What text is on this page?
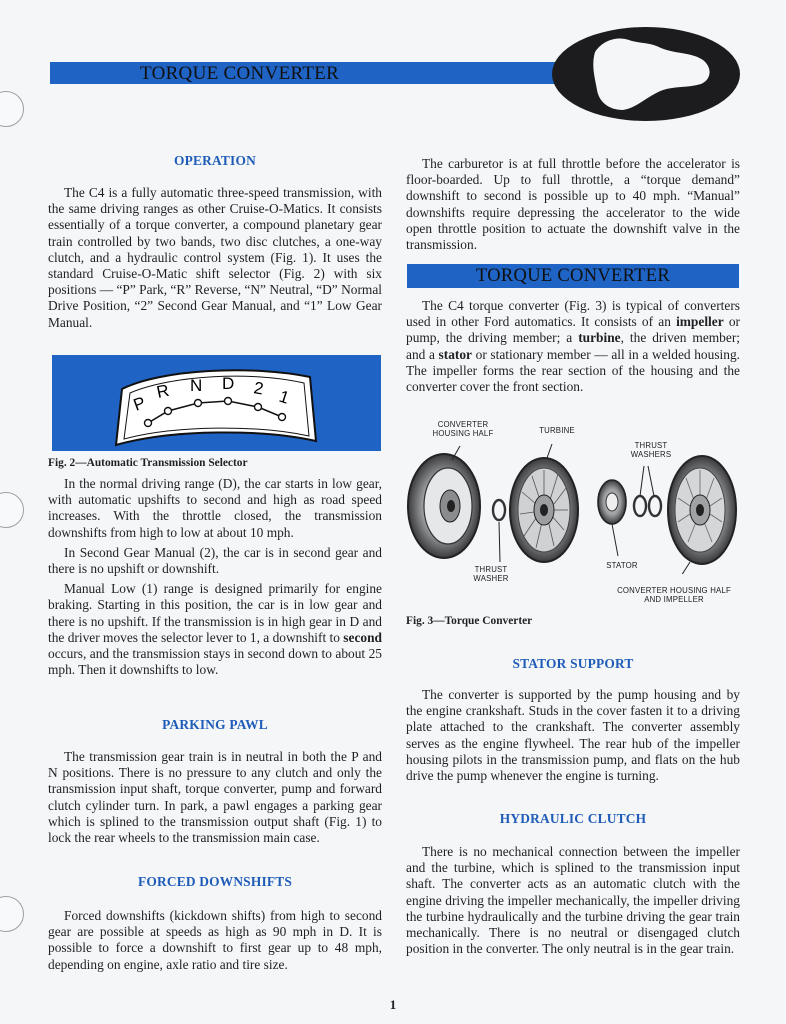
TORQUE CONVERTER
OPERATION

The C4 is a fully automatic three-speed transmission, with the same driving ranges as other Cruise-O-Matics. It consists essentially of a torque converter, a compound planetary gear train controlled by two bands, two disc clutches, a one-way clutch, and a hydraulic control system (Fig. 1). It uses the standard Cruise-O-Matic shift selector (Fig. 2) with six positions — “P” Park, “R” Reverse, “N” Neutral, “D” Normal Drive Position, “2” Second Gear Manual, and “1” Low Gear Manual.

P
R N D 2 1
Fig. 2—Automatic Transmission Selector

In the normal driving range (D), the car starts in low gear, with automatic upshifts to second and high as road speed increases. With the throttle closed, the transmission downshifts from high to low at about 10 mph.

In Second Gear Manual (2), the car is in second gear and there is no upshift or downshift.

Manual Low (1) range is designed primarily for engine braking. Starting in this position, the car is in low gear and there is no upshift. If the transmission is in high gear in D and the driver moves the selector lever to 1, a downshift to second occurs, and the transmission stays in second down to about 25 mph. Then it downshifts to low.

PARKING PAWL

The transmission gear train is in neutral in both the P and N positions. There is no pressure to any clutch and only the transmission input shaft, torque converter, pump and forward clutch cylinder turn. In park, a pawl engages a parking gear which is splined to the transmission output shaft (Fig. 1) to lock the rear wheels to the transmission main case.

FORCED DOWNSHIFTS

Forced downshifts (kickdown shifts) from high to second gear are possible at speeds as high as 90 mph in D. It is possible to force a downshift to first gear up to 48 mph, depending on engine, axle ratio and tire size.

The carburetor is at full throttle before the accelerator is floor-boarded. Up to full throttle, a “torque demand” downshift to second is possible up to 40 mph. “Manual” downshifts require depressing the accelerator to the wide open throttle position to actuate the downshift valve in the transmission.

TORQUE CONVERTER

The C4 torque converter (Fig. 3) is typical of converters used in other Ford automatics. It consists of an impeller or pump, the driving member; a turbine, the driven member; and a stator or stationary member — all in a welded housing. The impeller forms the rear section of the housing and the converter cover the front section.

CONVERTER
HOUSING HALF	TURBINE
THRUST
WASHERS
THRUST
WASHER
STATOR
CONVERTER HOUSING HALF
AND IMPELLER
Fig. 3—Torque Converter
STATOR SUPPORT

The converter is supported by the pump housing and by the engine crankshaft. Studs in the cover fasten it to a driving plate attached to the crankshaft. The converter assembly serves as the engine flywheel. The rear hub of the impeller housing pilots in the transmission pump, and flats on the hub drive the pump whenever the engine is turning.

HYDRAULIC CLUTCH

There is no mechanical connection between the impeller and the turbine, which is splined to the transmission input shaft. The converter acts as an automatic clutch with the engine driving the impeller mechanically, the impeller driving the turbine hydraulically and the turbine driving the gear train mechanically. There is no neutral or disengaged clutch position in the converter. The only neutral is in the gear train.

1
